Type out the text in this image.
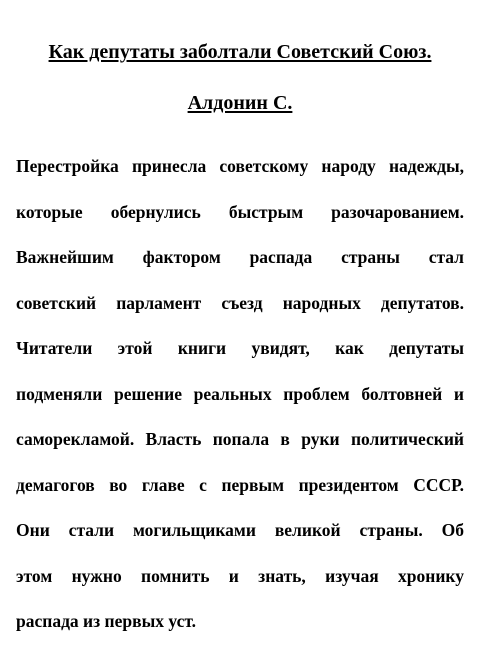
Как депутаты заболтали Советский Союз.
Алдонин С.
Перестройка принесла советскому народу надежды,
которые обернулись быстрым разочарованием.
Важнейшим фактором распада страны стал
советский парламент съезд народных депутатов.
Читатели этой книги увидят, как депутаты
подменяли решение реальных проблем болтовней и
саморекламой. Власть попала в руки политический
демагогов во главе с первым президентом СССР.
Они стали могильщиками великой страны. Об
этом нужно помнить и знать, изучая хронику
распада из первых уст.
